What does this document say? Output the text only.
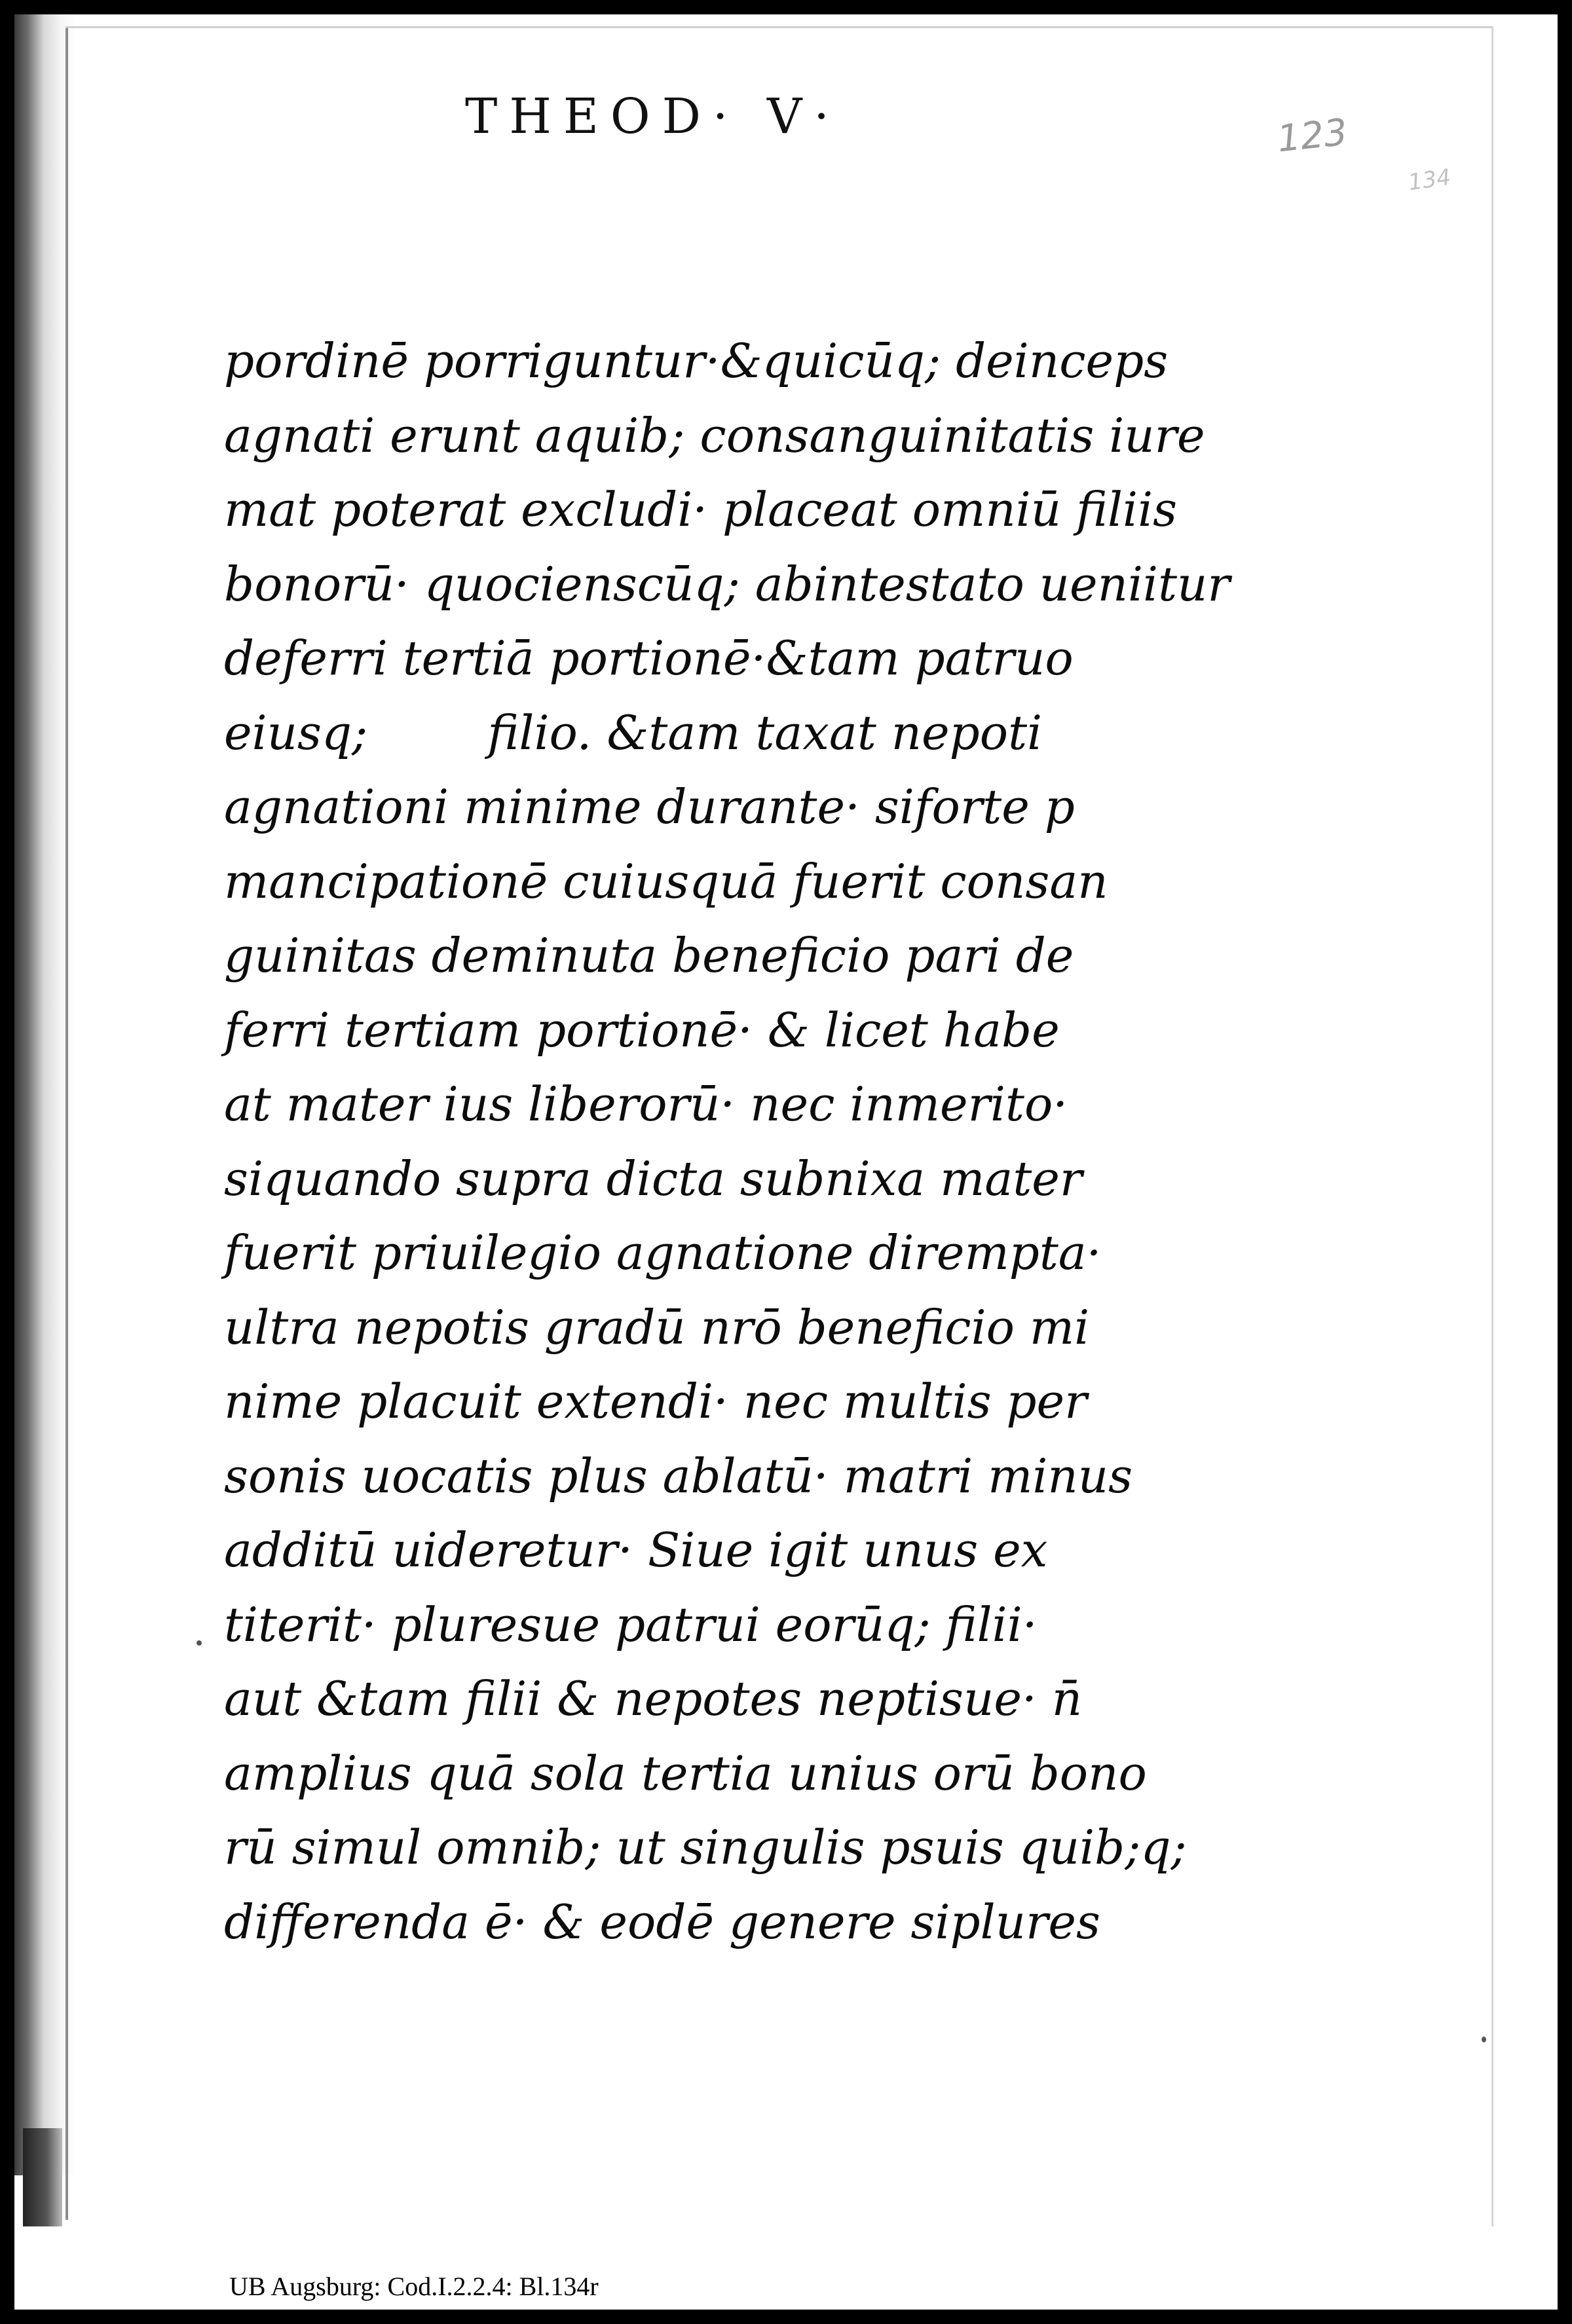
THEOD· V·	123
134
pordinē porriguntur·&quicūq; deinceps
agnati erunt aquib; consanguinitatis iure
mat poterat excludi· placeat omniū filiis
bonorū· quocienscūq; abintestato ueniitur
deferri tertiā portionē·&tam patruo
eiusq;        filio. &tam taxat nepoti
agnationi minime durante· siforte p
mancipationē cuiusquā fuerit consan
guinitas deminuta beneficio pari de
ferri tertiam portionē· & licet habe
at mater ius liberorū· nec inmerito·
siquando supra dicta subnixa mater
fuerit priuilegio agnatione dirempta·
ultra nepotis gradū nrō beneficio mi
nime placuit extendi· nec multis per
sonis uocatis plus ablatū· matri minus
additū uideretur· Siue igit unus ex
titerit· pluresue patrui eorūq; filii·
aut &tam filii & nepotes neptisue· n̄
amplius quā sola tertia unius orū bono
rū simul omnib; ut singulis psuis quib;q;
differenda ē· & eodē genere siplures
UB Augsburg: Cod.I.2.2.4: Bl.134r
